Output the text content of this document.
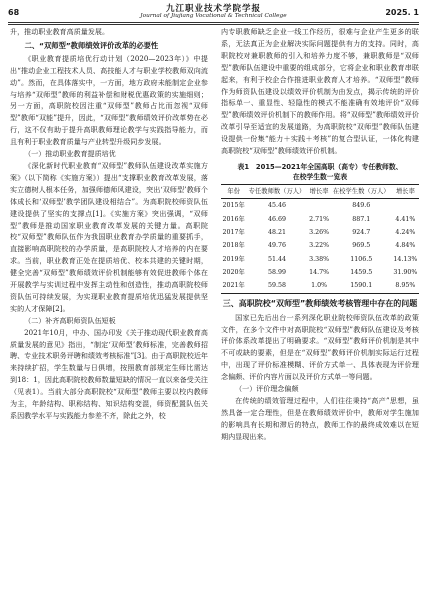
68	九江职业技术学院学报
Journal of Jiujiang Vocational & Technical College	2025. 1

升，推动职业教育高质量发展。

二、“双师型”教师绩效评价改革的必要性

《职业教育提质培优行动计划（2020—2023年）》中提出“推动企业工程技术人员、高技能人才与职业学校教师双向流动”。然而，在具体落实中，一方面，地方政府未能制定企业参与培养“双师型”教师的利益补偿和财税优惠政策的实施细则；另一方面，高职院校因注重“双师型”教师占比而忽视“双师型”教师“双能”提升，因此，“双师型”教师绩效评价改革势在必行，这不仅有助于提升高职教师理论教学与实践指导能力，而且有利于职业教育质量与产业转型升级同步发展。

（一）推动职业教育提质培优

《深化新时代职业教育“双师型”教师队伍建设改革实施方案》（以下简称《实施方案》）提出“支撑职业教育改革发展，落实立德树人根本任务，加强师德师风建设，突出‘双师型’教师个体成长和‘双师型’教学团队建设相结合”。为高职院校师资队伍建设提供了坚实的支撑点[1]。《实施方案》突出强调，“双师型”教师是推动国家职业教育改革发展的关键力量。高职院校“双师型”教师队伍作为我国职业教育办学质量的重要抓手，直接影响高职院校的办学质量，是高职院校人才培养的内在要求。当前，职业教育正处在提质培优、校本共建的关键时期，健全完善“双师型”教师绩效评价机制能够有效促进教师个体在开展教学与实训过程中发挥主动性和创造性，推动高职院校师资队伍可持续发展，为实现职业教育提质培优迅猛发展提供坚实的人才保障[2]。

（二）补齐高职师资队伍短板

2021年10月，中办、国办印发《关于推动现代职业教育高质量发展的意见》指出，“制定‘双师型’教师标准，完善教师招聘、专业技术职务评聘和绩效考核标准”[3]。由于高职院校近年来持续扩招，学生数量与日俱增，按照教育部规定生师比需达到18：1，因此高职院校教师数量短缺的情况一直以来备受关注（见表1）。当前大部分高职院校“双师型”教师主要以校内教师为主，年龄结构、职称结构、知识结构变混，师资配置队伍关系因教学水平与实践能力参差不齐，除此之外，校

内专职教师缺乏企业一线工作经历，很难与企业产生更多的联系，无法真正为企业解决实际问题提供有力的支持。同时，高职院校对兼职教师的引入和培养力度不够，兼职教师是“双师型”教师队伍建设中重要的组成部分，它将企业和职业教育串联起来，有利于校企合作推进职业教育人才培养。“双师型”教师作为师资队伍建设以绩效评价机制为由发点，揭示传统的评价指标单一、重显性、轻隐性的模式不能准确有效地评价“双师型”教师绩效评价机制下的教师作用。将“双师型”教师绩效评价改革引导至适宜的发展道路，为高职院校“双师型”教师队伍建设提供一份集“能力＋实践＋考核”的复合型认证，一体化构建高职院校“双师型”教师绩效评价机制。

表1　2015—2021年全国高职（高专）专任教师数、
在校学生数一览表
年份	专任教师数（万人）	增长率	在校学生数（万人）	增长率
2015年	45.46		849.6	
2016年	46.69	2.71%	887.1	4.41%
2017年	48.21	3.26%	924.7	4.24%
2018年	49.76	3.22%	969.5	4.84%
2019年	51.44	3.38%	1106.5	14.13%
2020年	58.99	14.7%	1459.5	31.90%
2021年	59.58	1.0%	1590.1	8.95%
三、高职院校“双师型”教师绩效考核管理中存在的问题

国家已先后出台一系列深化职业院校师资队伍改革的政策文件，在多个文件中对高职院校“双师型”教师队伍建设及考核评价体系改革提出了明确要求。“双师型”教师评价机制是其中不可或缺的要素，但是在“双师型”教师评价机制实际运行过程中，出现了评价标准模糊、评价方式单一、具体表现为评价理念偏颇、评价内容片面以及评价方式单一等问题。

（一）评价理念偏颇

在传统的绩效管理过程中，人们往往秉持“高产”思想，虽然具备一定合理性，但是在教师绩效评价中，教师对学生施加的影响具有长期和滞后的特点，教师工作的最终成效难以在短期内显现出来。
